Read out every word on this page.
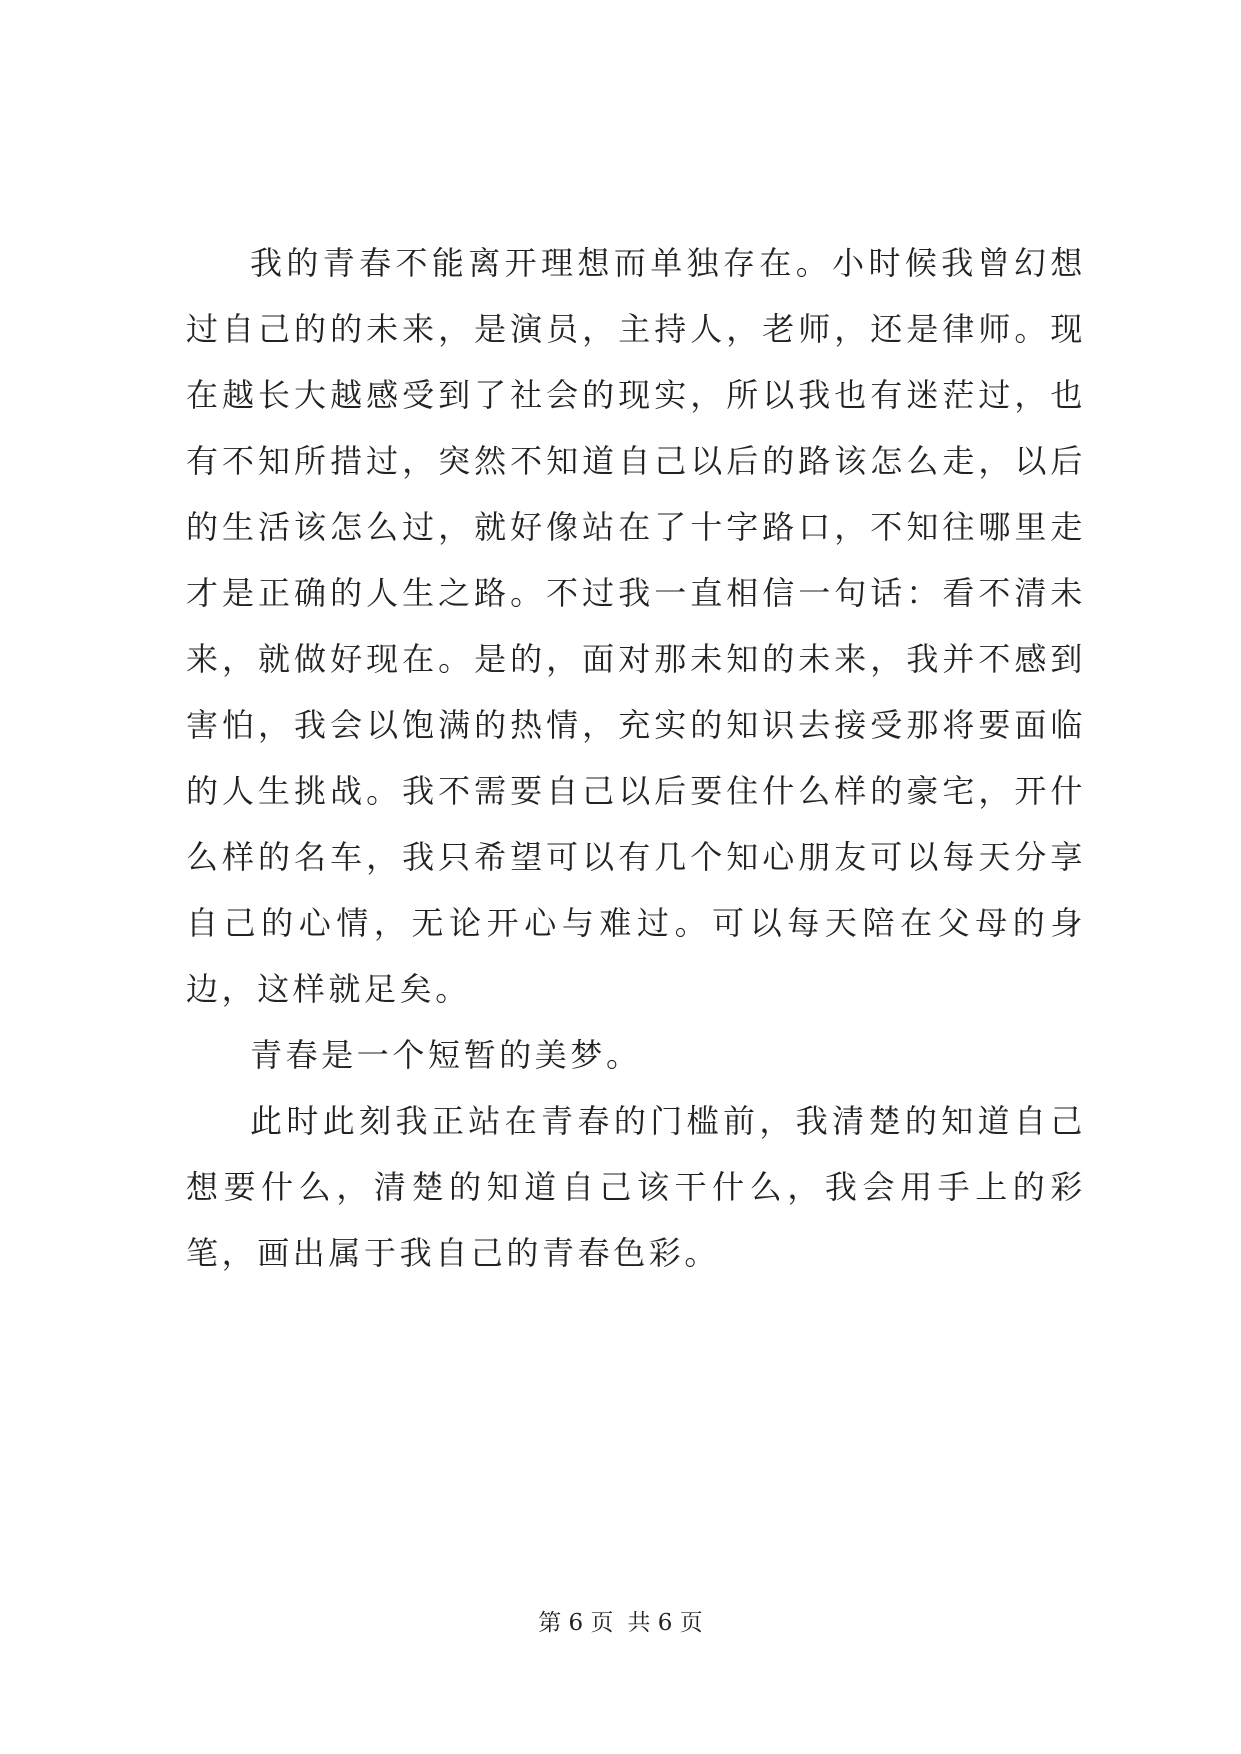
我的青春不能离开理想而单独存在。小时候我曾幻想过自己的的未来，是演员，主持人，老师，还是律师。现在越长大越感受到了社会的现实，所以我也有迷茫过，也有不知所措过，突然不知道自己以后的路该怎么走，以后的生活该怎么过，就好像站在了十字路口，不知往哪里走才是正确的人生之路。不过我一直相信一句话：看不清未来，就做好现在。是的，面对那未知的未来，我并不感到害怕，我会以饱满的热情，充实的知识去接受那将要面临的人生挑战。我不需要自己以后要住什么样的豪宅，开什么样的名车，我只希望可以有几个知心朋友可以每天分享自己的心情，无论开心与难过。可以每天陪在父母的身边，这样就足矣。

青春是一个短暂的美梦。

此时此刻我正站在青春的门槛前，我清楚的知道自己想要什么，清楚的知道自己该干什么，我会用手上的彩笔，画出属于我自己的青春色彩。

第 6 页 共 6 页
